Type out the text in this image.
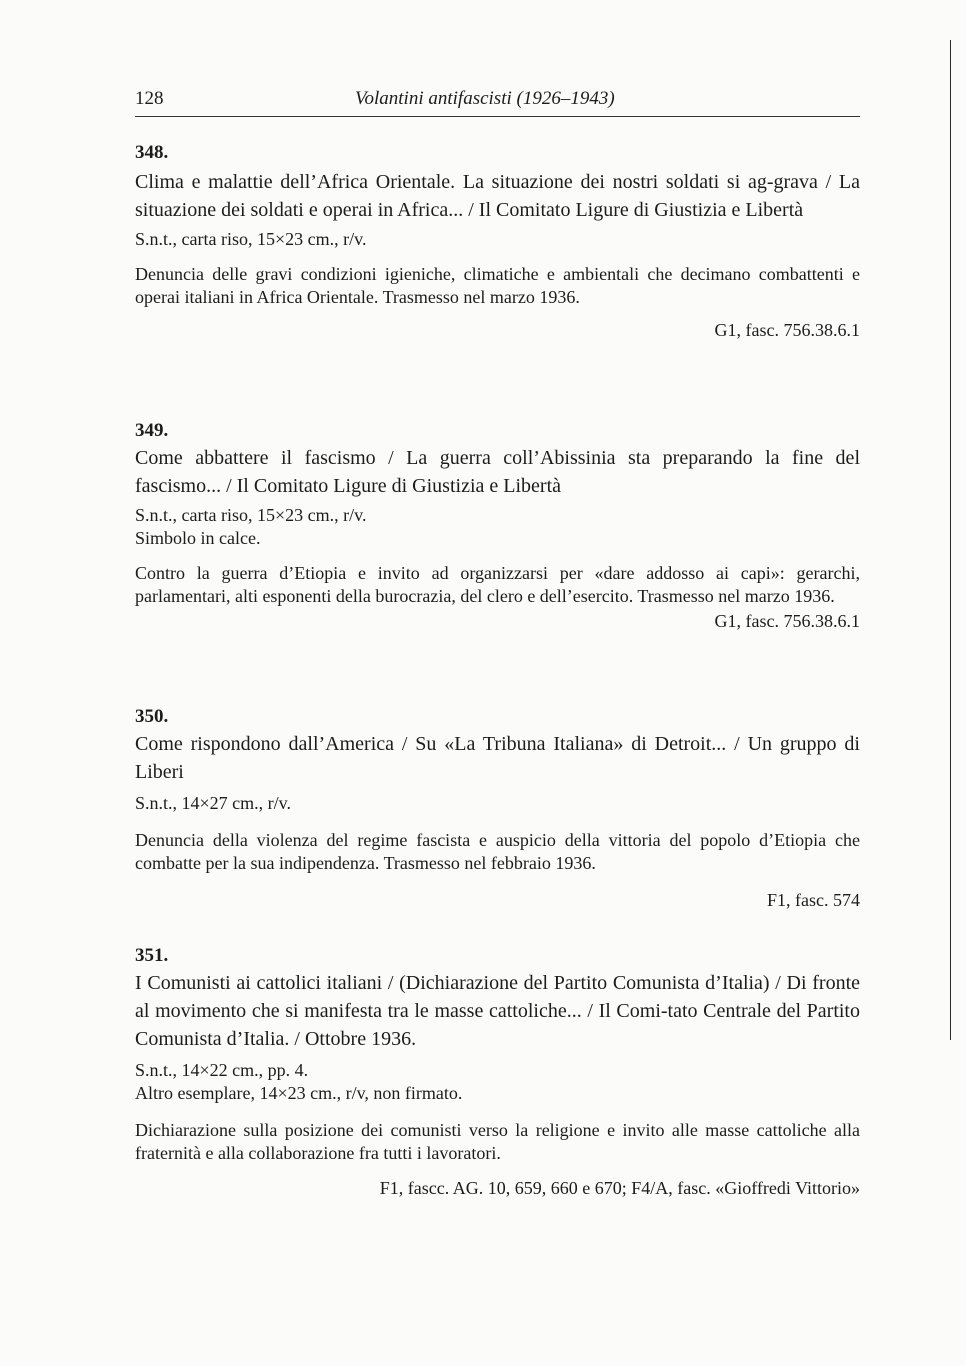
128	Volantini antifascisti (1926–1943)
348.
Clima e malattie dell’Africa Orientale. La situazione dei nostri soldati si ag-grava / La situazione dei soldati e operai in Africa... / Il Comitato Ligure di Giustizia e Libertà
S.n.t., carta riso, 15×23 cm., r/v.
Denuncia delle gravi condizioni igieniche, climatiche e ambientali che decimano combattenti e operai italiani in Africa Orientale. Trasmesso nel marzo 1936.
G1, fasc. 756.38.6.1
349.
Come abbattere il fascismo / La guerra coll’Abissinia sta preparando la fine del fascismo... / Il Comitato Ligure di Giustizia e Libertà
S.n.t., carta riso, 15×23 cm., r/v.
Simbolo in calce.
Contro la guerra d’Etiopia e invito ad organizzarsi per «dare addosso ai capi»: gerarchi, parlamentari, alti esponenti della burocrazia, del clero e dell’esercito. Trasmesso nel marzo 1936.
G1, fasc. 756.38.6.1
350.
Come rispondono dall’America / Su «La Tribuna Italiana» di Detroit... / Un gruppo di Liberi
S.n.t., 14×27 cm., r/v.
Denuncia della violenza del regime fascista e auspicio della vittoria del popolo d’Etiopia che combatte per la sua indipendenza. Trasmesso nel febbraio 1936.
F1, fasc. 574
351.
I Comunisti ai cattolici italiani / (Dichiarazione del Partito Comunista d’Italia) / Di fronte al movimento che si manifesta tra le masse cattoliche... / Il Comi-tato Centrale del Partito Comunista d’Italia. / Ottobre 1936.
S.n.t., 14×22 cm., pp. 4.
Altro esemplare, 14×23 cm., r/v, non firmato.
Dichiarazione sulla posizione dei comunisti verso la religione e invito alle masse cattoliche alla fraternità e alla collaborazione fra tutti i lavoratori.
F1, fascc. AG. 10, 659, 660 e 670; F4/A, fasc. «Gioffredi Vittorio»
